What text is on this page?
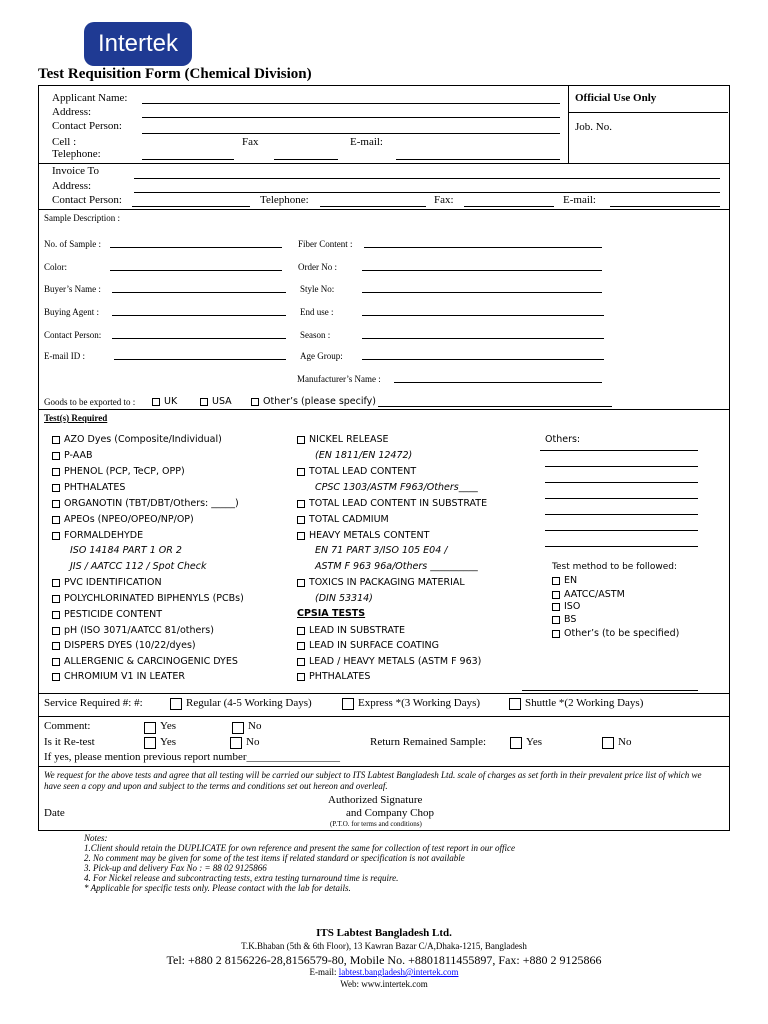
Intertek
Test Requisition Form (Chemical Division)
Applicant Name:
Address:
Contact Person:
Cell :	Fax	E-mail:
Telephone:
Official Use Only
Job. No.
Invoice To
Address:
Contact Person:	Telephone:	Fax:	E-mail:
Sample Description :
No. of Sample :
Color:
Buyer’s Name :
Buying Agent :
Contact Person:
E-mail ID :
Fiber Content :
Order No :
Style No:
End use :
Season :
Age Group:
Manufacturer’s Name :
Goods to be exported to :	UK	USA	Other’s (please specify)
Test(s) Required
AZO Dyes (Composite/Individual)
P-AAB
PHENOL (PCP, TeCP, OPP)
PHTHALATES
ORGANOTIN (TBT/DBT/Others: _____)
APEOs (NPEO/OPEO/NP/OP)
FORMALDEHYDE
ISO 14184 PART 1 OR 2
JIS / AATCC 112 / Spot Check
PVC IDENTIFICATION
POLYCHLORINATED BIPHENYLS (PCBs)
PESTICIDE CONTENT
pH (ISO 3071/AATCC 81/others)
DISPERS DYES (10/22/dyes)
ALLERGENIC & CARCINOGENIC DYES
CHROMIUM V1 IN LEATER
NICKEL RELEASE
(EN 1811/EN 12472)
TOTAL LEAD CONTENT
CPSC 1303/ASTM F963/Others____
TOTAL LEAD CONTENT IN SUBSTRATE
TOTAL CADMIUM
HEAVY METALS CONTENT
EN 71 PART 3/ISO 105 E04 /
ASTM F 963 96a/Others __________
TOXICS IN PACKAGING MATERIAL
(DIN 53314)
CPSIA TESTS
LEAD IN SUBSTRATE
LEAD IN SURFACE COATING
LEAD / HEAVY METALS (ASTM F 963)
PHTHALATES
Others:
Test method to be followed:
EN
AATCC/ASTM
ISO
BS
Other’s (to be specified)
Service Required #: #:	Regular (4-5 Working Days)	Express *(3 Working Days)	Shuttle *(2 Working Days)
Comment:	Yes	No
Is it Re-test	Yes	No	Return Remained Sample:	Yes	No
If yes, please mention previous report number_________________
We request for the above tests and agree that all testing will be carried our subject to ITS Labtest Bangladesh Ltd. scale of charges as set forth in their prevalent price list of which we have seen a copy and upon and subject to the terms and conditions set out hereon and overleaf.
Authorized Signature
and Company Chop
(P.T.O. for terms and conditions)
Date
Notes:
1.Client should retain the DUPLICATE for own reference and present the same for collection of test report in our office
2. No comment may be given for some of the test items if related standard or specification is not available
3. Pick-up and delivery Fax No : = 88 02 9125866
4. For Nickel release and subcontracting tests, extra testing turnaround time is require.
* Applicable for specific tests only. Please contact with the lab for details.
ITS Labtest Bangladesh Ltd.
T.K.Bhaban (5th & 6th Floor), 13 Kawran Bazar C/A,Dhaka-1215, Bangladesh
Tel: +880 2 8156226-28,8156579-80, Mobile No. +8801811455897, Fax: +880 2 9125866
E-mail: labtest.bangladesh@intertek.com
Web: www.intertek.com
